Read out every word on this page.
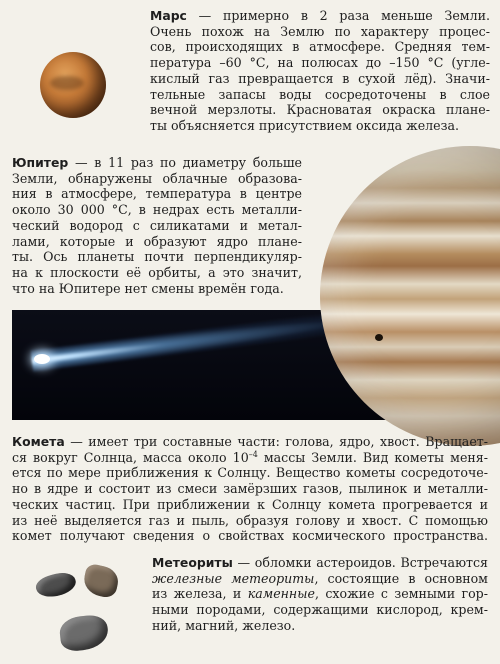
Марс — примерно в 2 раза меньше Земли.
Очень похож на Землю по характеру процес-
сов, происходящих в атмосфере. Средняя тем-
пература –60 °С, на полюсах до –150 °С (угле-
кислый газ превращается в сухой лёд). Значи-
тельные запасы воды сосредоточены в слое
вечной мерзлоты. Красноватая окраска плане-
ты объясняется присутствием оксида железа.
Юпитер — в 11 раз по диаметру больше
Земли, обнаружены облачные образова-
ния в атмосфере, температура в центре
около 30 000 °С, в недрах есть металли-
ческий водород с силикатами и метал-
лами, которые и образуют ядро плане-
ты. Ось планеты почти перпендикуляр-
на к плоскости её орбиты, а это значит,
что на Юпитере нет смены времён года.
Комета — имеет три составные части: голова, ядро, хвост. Вращает-
ся вокруг Солнца, масса около $10^{-4}$ массы Земли. Вид кометы меня-
ется по мере приближения к Солнцу. Вещество кометы сосредоточе-
но в ядре и состоит из смеси замёрзших газов, пылинок и металли-
ческих частиц. При приближении к Солнцу комета прогревается и
из неё выделяется газ и пыль, образуя голову и хвост. С помощью
комет получают сведения о свойствах космического пространства.
Метеориты — обломки астероидов. Встречаются
железные метеориты, состоящие в основном
из железа, и каменные, схожие с земными гор-
ными породами, содержащими кислород, крем-
ний, магний, железо.
